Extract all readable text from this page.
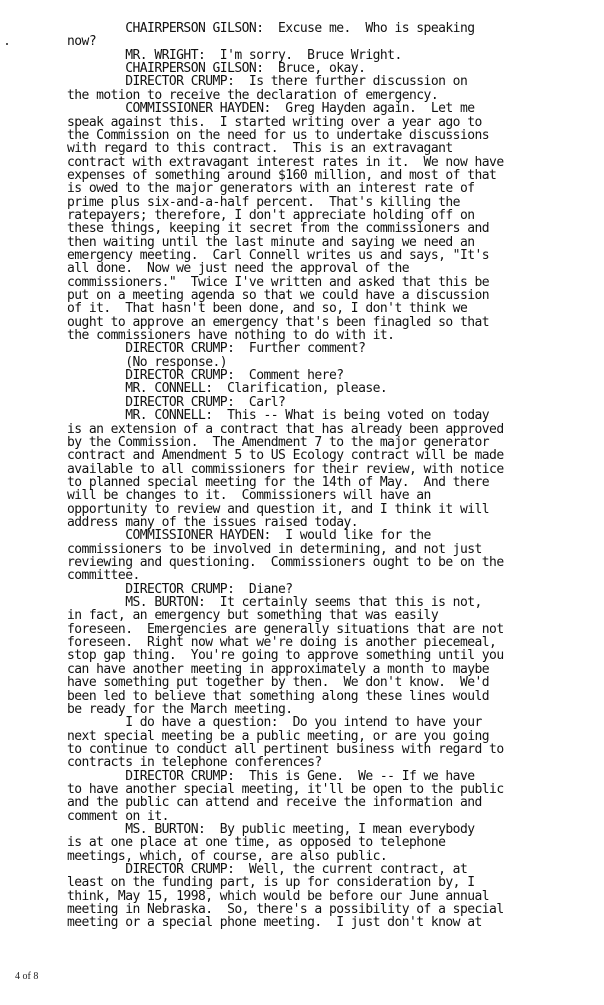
CHAIRPERSON GILSON:  Excuse me.  Who is speaking
now?
MR. WRIGHT:  I'm sorry.  Bruce Wright.
CHAIRPERSON GILSON:  Bruce, okay.
DIRECTOR CRUMP:  Is there further discussion on
the motion to receive the declaration of emergency.
COMMISSIONER HAYDEN:  Greg Hayden again.  Let me
speak against this.  I started writing over a year ago to
the Commission on the need for us to undertake discussions
with regard to this contract.  This is an extravagant
contract with extravagant interest rates in it.  We now have
expenses of something around $160 million, and most of that
is owed to the major generators with an interest rate of
prime plus six-and-a-half percent.  That's killing the
ratepayers; therefore, I don't appreciate holding off on
these things, keeping it secret from the commissioners and
then waiting until the last minute and saying we need an
emergency meeting.  Carl Connell writes us and says, "It's
all done.  Now we just need the approval of the
commissioners."  Twice I've written and asked that this be
put on a meeting agenda so that we could have a discussion
of it.  That hasn't been done, and so, I don't think we
ought to approve an emergency that's been finagled so that
the commissioners have nothing to do with it.
DIRECTOR CRUMP:  Further comment?
(No response.)
DIRECTOR CRUMP:  Comment here?
MR. CONNELL:  Clarification, please.
DIRECTOR CRUMP:  Carl?
MR. CONNELL:  This -- What is being voted on today
is an extension of a contract that has already been approved
by the Commission.  The Amendment 7 to the major generator
contract and Amendment 5 to US Ecology contract will be made
available to all commissioners for their review, with notice
to planned special meeting for the 14th of May.  And there
will be changes to it.  Commissioners will have an
opportunity to review and question it, and I think it will
address many of the issues raised today.
COMMISSIONER HAYDEN:  I would like for the
commissioners to be involved in determining, and not just
reviewing and questioning.  Commissioners ought to be on the
committee.
DIRECTOR CRUMP:  Diane?
MS. BURTON:  It certainly seems that this is not,
in fact, an emergency but something that was easily
foreseen.  Emergencies are generally situations that are not
foreseen.  Right now what we're doing is another piecemeal,
stop gap thing.  You're going to approve something until you
can have another meeting in approximately a month to maybe
have something put together by then.  We don't know.  We'd
been led to believe that something along these lines would
be ready for the March meeting.
I do have a question:  Do you intend to have your
next special meeting be a public meeting, or are you going
to continue to conduct all pertinent business with regard to
contracts in telephone conferences?
DIRECTOR CRUMP:  This is Gene.  We -- If we have
to have another special meeting, it'll be open to the public
and the public can attend and receive the information and
comment on it.
MS. BURTON:  By public meeting, I mean everybody
is at one place at one time, as opposed to telephone
meetings, which, of course, are also public.
DIRECTOR CRUMP:  Well, the current contract, at
least on the funding part, is up for consideration by, I
think, May 15, 1998, which would be before our June annual
meeting in Nebraska.  So, there's a possibility of a special
meeting or a special phone meeting.  I just don't know at
4 of 8
